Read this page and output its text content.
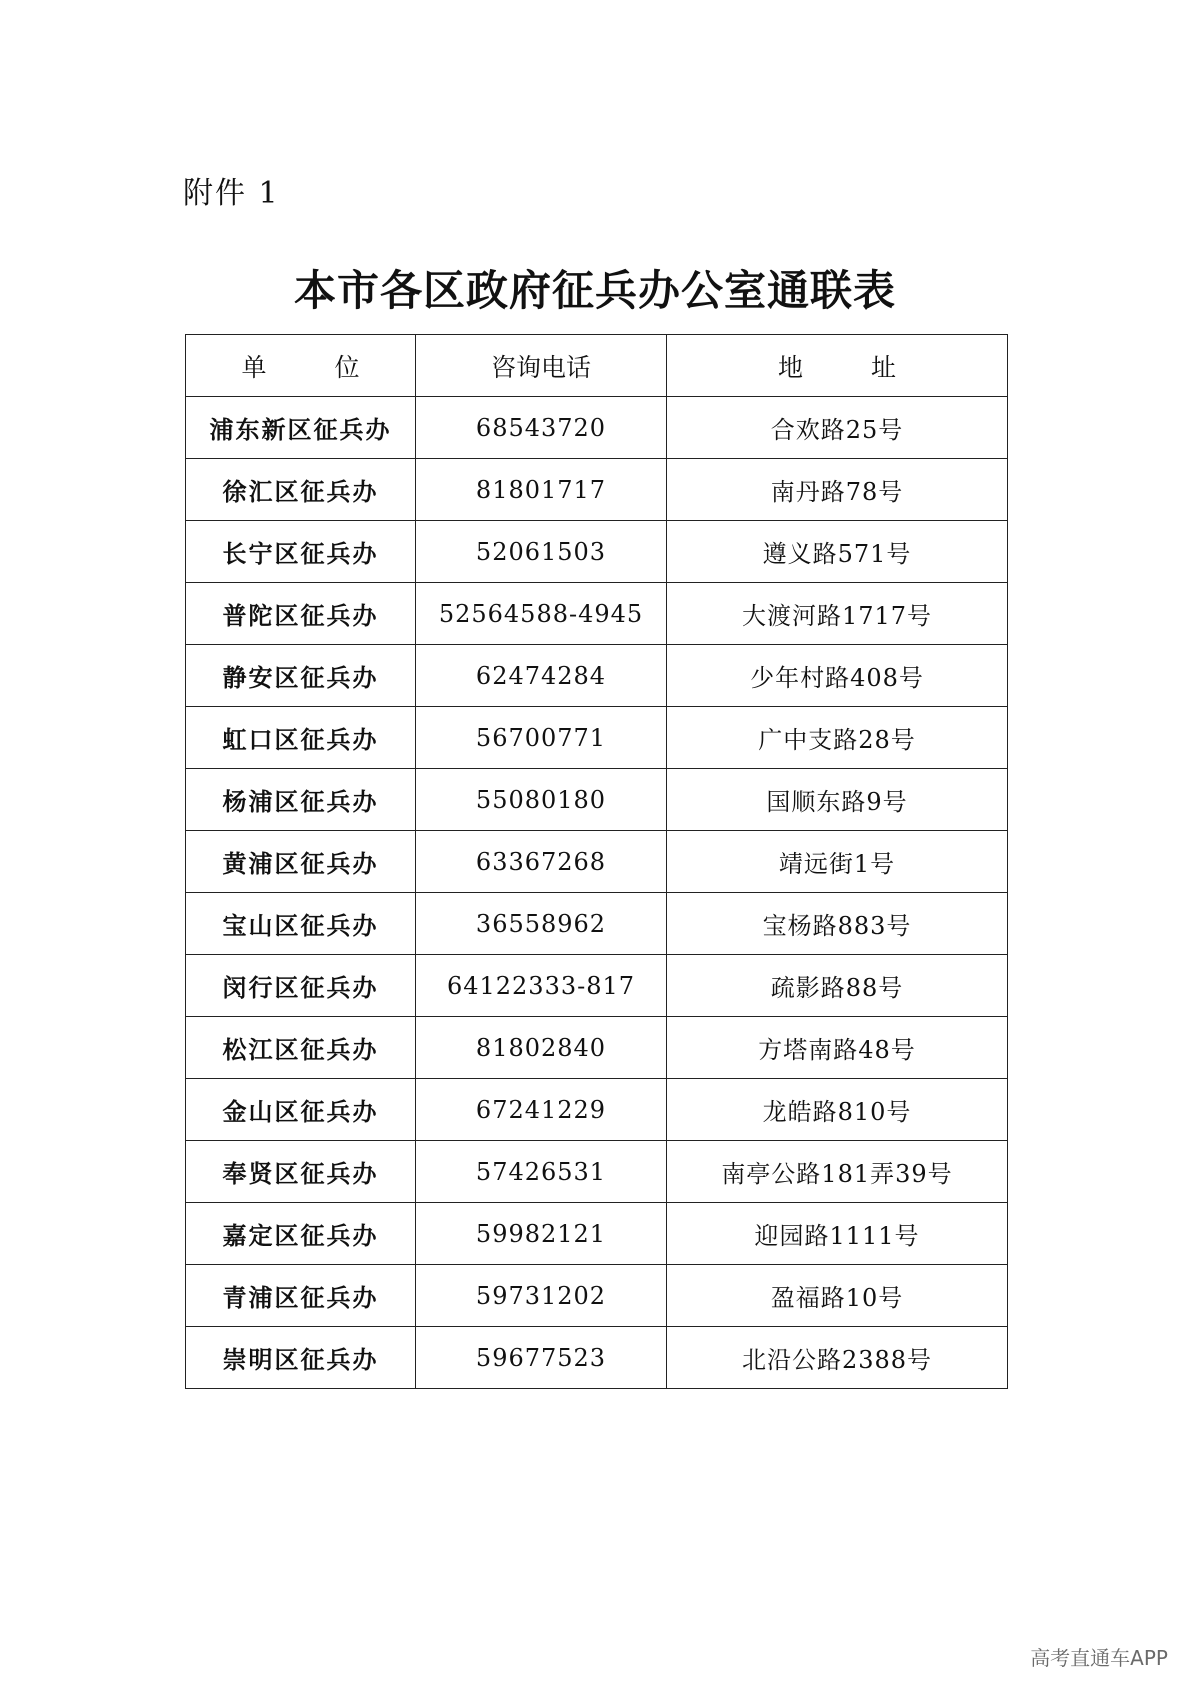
附件 1
本市各区政府征兵办公室通联表
单 位	咨询电话	地 址
浦东新区征兵办	68543720	合欢路25号
徐汇区征兵办	81801717	南丹路78号
长宁区征兵办	52061503	遵义路571号
普陀区征兵办	52564588-4945	大渡河路1717号
静安区征兵办	62474284	少年村路408号
虹口区征兵办	56700771	广中支路28号
杨浦区征兵办	55080180	国顺东路9号
黄浦区征兵办	63367268	靖远街1号
宝山区征兵办	36558962	宝杨路883号
闵行区征兵办	64122333-817	疏影路88号
松江区征兵办	81802840	方塔南路48号
金山区征兵办	67241229	龙皓路810号
奉贤区征兵办	57426531	南亭公路181弄39号
嘉定区征兵办	59982121	迎园路1111号
青浦区征兵办	59731202	盈福路10号
崇明区征兵办	59677523	北沿公路2388号
高考直通车APP
